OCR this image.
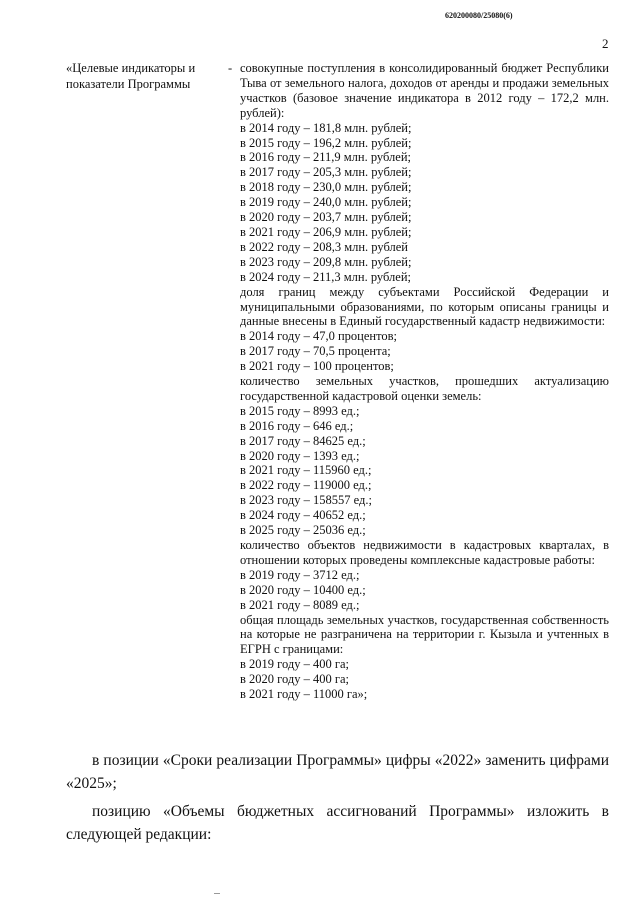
620200080/25080(6)
2
«Целевые индикаторы и показатели Программы
- совокупные поступления в консолидированный бюджет Республики Тыва от земельного налога, доходов от аренды и продажи земельных участков (базовое значение индикатора в 2012 году – 172,2 млн. рублей):
в 2014 году – 181,8 млн. рублей;
в 2015 году – 196,2 млн. рублей;
в 2016 году – 211,9 млн. рублей;
в 2017 году – 205,3 млн. рублей;
в 2018 году – 230,0 млн. рублей;
в 2019 году – 240,0 млн. рублей;
в 2020 году – 203,7 млн. рублей;
в 2021 году – 206,9 млн. рублей;
в 2022 году – 208,3 млн. рублей
в 2023 году – 209,8 млн. рублей;
в 2024 году – 211,3 млн. рублей;
доля границ между субъектами Российской Федерации и муниципальными образованиями, по которым описаны границы и данные внесены в Единый государственный кадастр недвижимости:
в 2014 году – 47,0 процентов;
в 2017 году – 70,5 процента;
в 2021 году – 100 процентов;
количество земельных участков, прошедших актуализацию государственной кадастровой оценки земель:
в 2015 году – 8993 ед.;
в 2016 году – 646 ед.;
в 2017 году – 84625 ед.;
в 2020 году – 1393 ед.;
в 2021 году – 115960 ед.;
в 2022 году – 119000 ед.;
в 2023 году – 158557 ед.;
в 2024 году – 40652 ед.;
в 2025 году – 25036 ед.;
количество объектов недвижимости в кадастровых кварталах, в отношении которых проведены комплексные кадастровые работы:
в 2019 году – 3712 ед.;
в 2020 году – 10400 ед.;
в 2021 году – 8089 ед.;
общая площадь земельных участков, государственная собственность на которые не разграничена на территории г. Кызыла и учтенных в ЕГРН с границами:
в 2019 году – 400 га;
в 2020 году – 400 га;
в 2021 году – 11000 га»;

в позиции «Сроки реализации Программы» цифры «2022» заменить цифрами «2025»;

позицию «Объемы бюджетных ассигнований Программы» изложить в следующей редакции:
